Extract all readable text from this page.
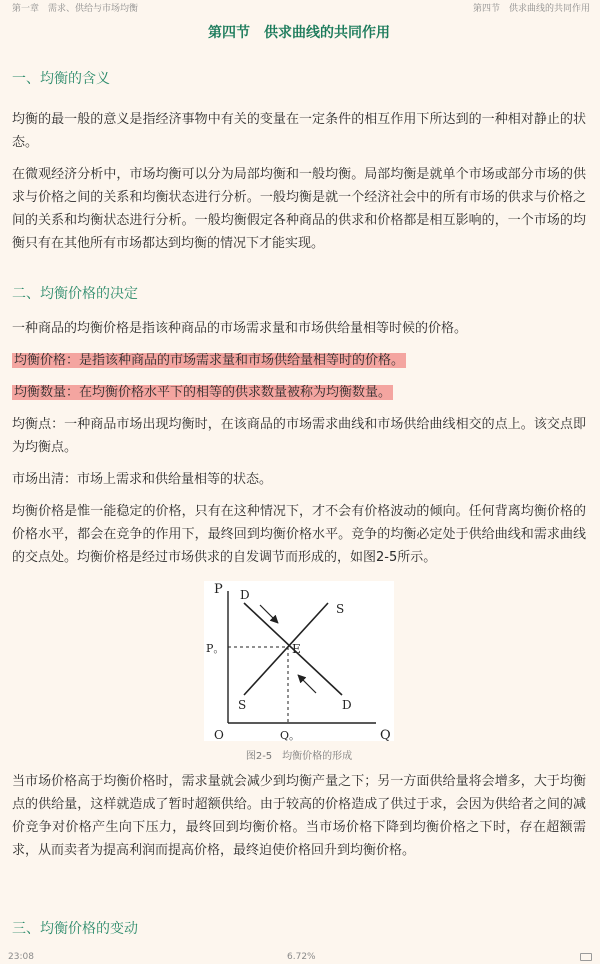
第一章　需求、供给与市场均衡	第四节　供求曲线的共同作用
第四节　供求曲线的共同作用
一、均衡的含义

均衡的最一般的意义是指经济事物中有关的变量在一定条件的相互作用下所达到的一种相对静止的状态。

在微观经济分析中，市场均衡可以分为局部均衡和一般均衡。局部均衡是就单个市场或部分市场的供求与价格之间的关系和均衡状态进行分析。一般均衡是就一个经济社会中的所有市场的供求与价格之间的关系和均衡状态进行分析。一般均衡假定各种商品的供求和价格都是相互影响的，一个市场的均衡只有在其他所有市场都达到均衡的情况下才能实现。

二、均衡价格的决定

一种商品的均衡价格是指该种商品的市场需求量和市场供给量相等时候的价格。

均衡价格：是指该种商品的市场需求量和市场供给量相等时的价格。

均衡数量：在均衡价格水平下的相等的供求数量被称为均衡数量。

均衡点：一种商品市场出现均衡时，在该商品的市场需求曲线和市场供给曲线相交的点上。该交点即为均衡点。

市场出清：市场上需求和供给量相等的状态。

均衡价格是惟一能稳定的价格，只有在这种情况下，才不会有价格波动的倾向。任何背离均衡价格的价格水平，都会在竞争的作用下，最终回到均衡价格水平。竞争的均衡必定处于供给曲线和需求曲线的交点处。均衡价格是经过市场供求的自发调节而形成的，如图2-5所示。

P
Q
O
D
S
S	D
P。
Q。
E
图2-5　均衡价格的形成

当市场价格高于均衡价格时，需求量就会减少到均衡产量之下；另一方面供给量将会增多，大于均衡点的供给量，这样就造成了暂时超额供给。由于较高的价格造成了供过于求，会因为供给者之间的减价竞争对价格产生向下压力，最终回到均衡价格。当市场价格下降到均衡价格之下时，存在超额需求，从而卖者为提高利润而提高价格，最终迫使价格回升到均衡价格。

三、均衡价格的变动
23:08	6.72%
